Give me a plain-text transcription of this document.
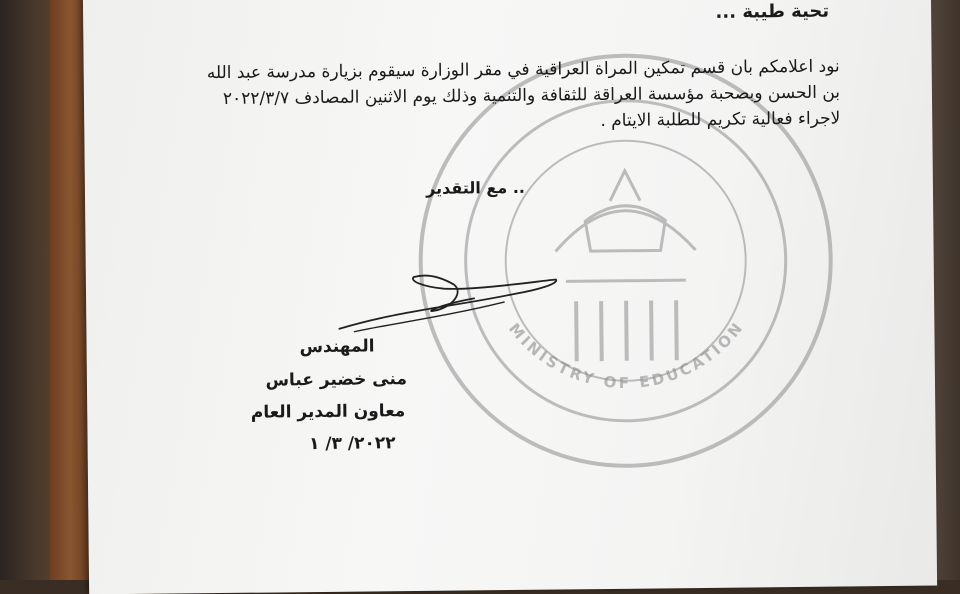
MINISTRY OF EDUCATION
تحية طيبة ...
نود اعلامكم بان قسم تمكين المراة العراقية في مقر الوزارة سيقوم بزيارة مدرسة عبد الله
بن الحسن وبصحبة مؤسسة العراقة للثقافة والتنمية وذلك يوم الاثنين المصادف ٢٠٢٢/٣/٧
لاجراء فعالية تكريم للطلبة الايتام .
.. مع التقدير
المهندس
منى خضير عباس
معاون المدير العام
٢٠٢٢/ ٣/ ١
